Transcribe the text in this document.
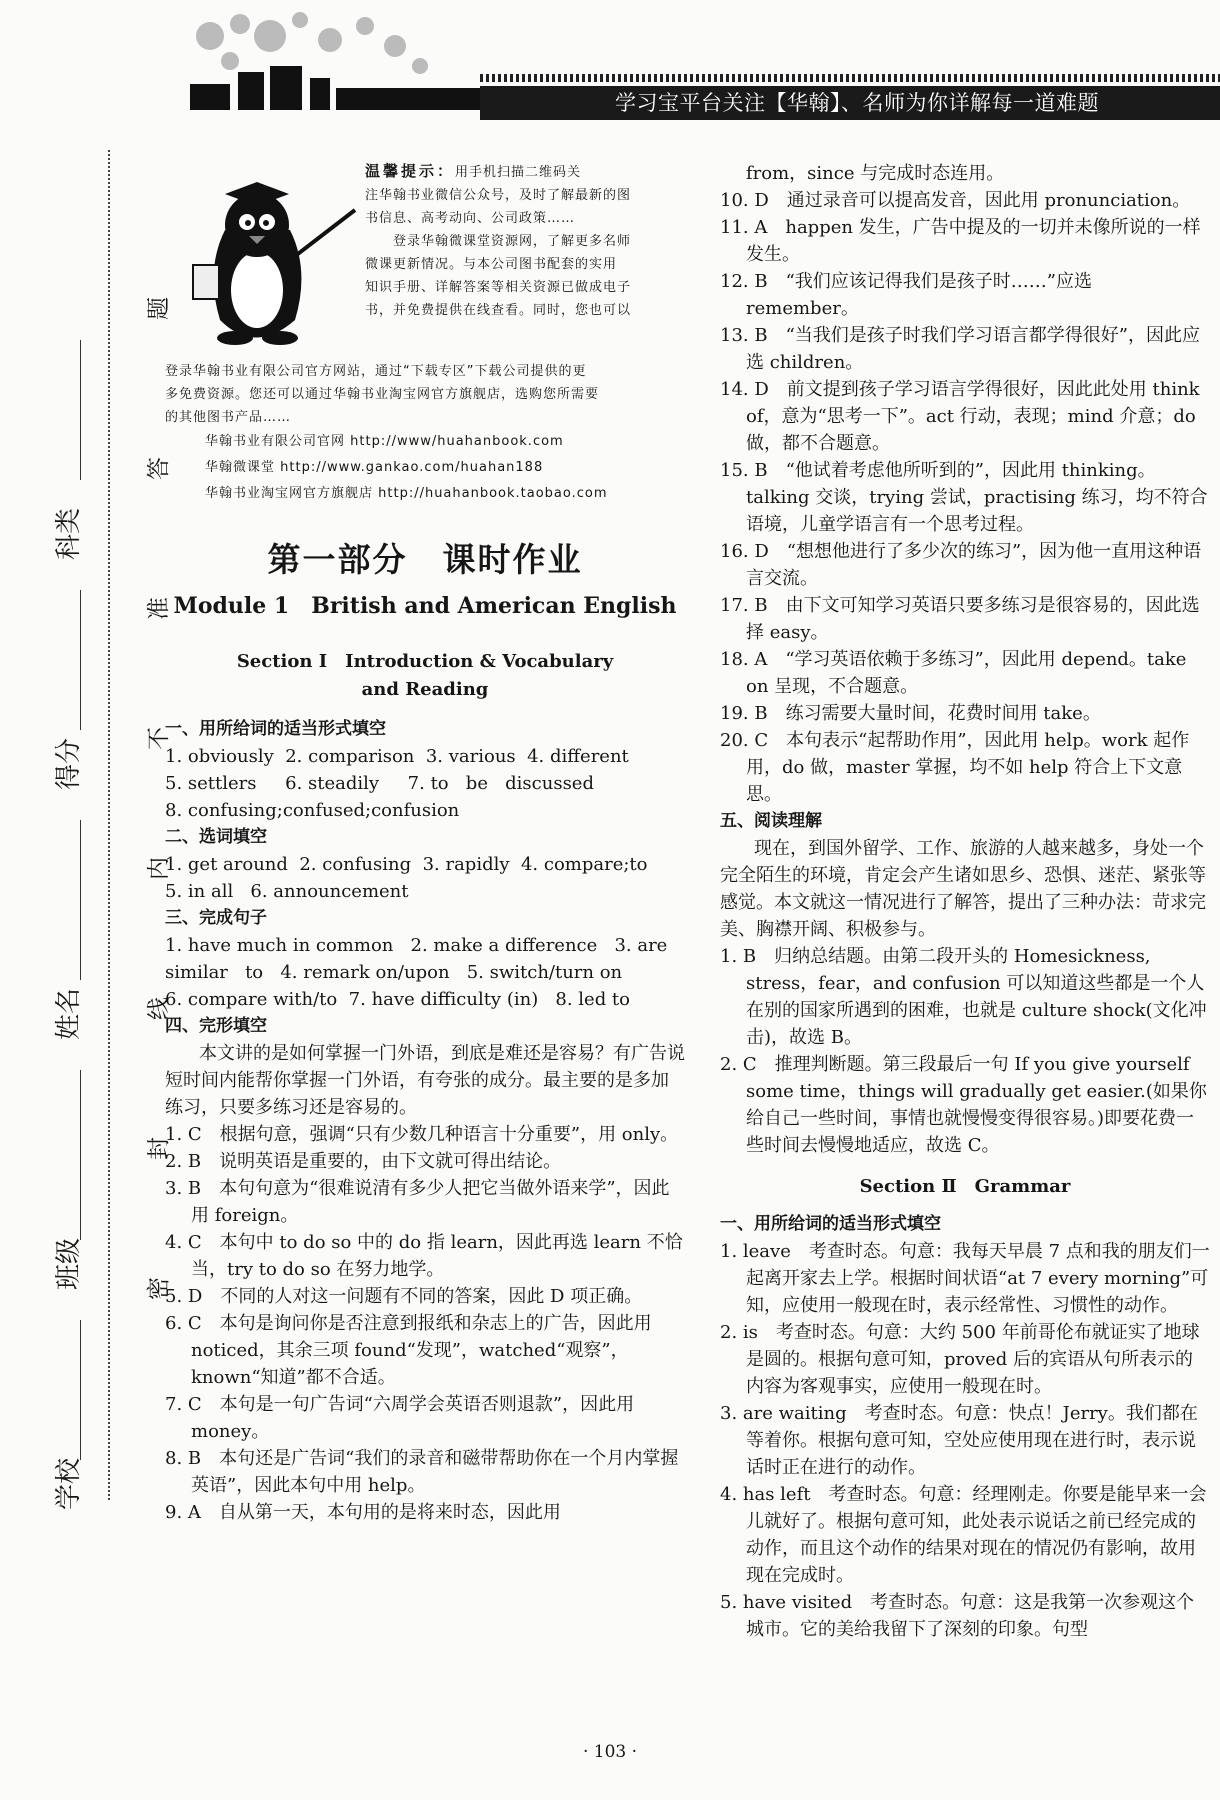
学习宝平台关注【华翰】、名师为你详解每一道难题
科类
得分
姓名
班级
学校
题
答
准
不
内
线
封
密

温馨提示：用手机扫描二维码关

注华翰书业微信公众号，及时了解最新的图

书信息、高考动向、公司政策……

登录华翰微课堂资源网，了解更多名师

微课更新情况。与本公司图书配套的实用

知识手册、详解答案等相关资源已做成电子

书，并免费提供在线查看。同时，您也可以

登录华翰书业有限公司官方网站，通过“下载专区”下载公司提供的更

多免费资源。您还可以通过华翰书业淘宝网官方旗舰店，选购您所需要

的其他图书产品……

华翰书业有限公司官网 http://www/huahanbook.com

华翰微课堂 http://www.gankao.com/huahan188

华翰书业淘宝网官方旗舰店 http://huahanbook.taobao.com

第一部分　课时作业
Module 1　British and American English
Section Ⅰ　Introduction & Vocabulary
and Reading

一、用所给词的适当形式填空

1. obviously  2. comparison  3. various  4. different

5. settlers     6. steadily     7. to   be   discussed

8. confusing;confused;confusion

二、选词填空

1. get around  2. confusing  3. rapidly  4. compare;to

5. in all   6. announcement

三、完成句子

1. have much in common   2. make a difference   3. are

similar   to   4. remark on/upon   5. switch/turn on

6. compare with/to  7. have difficulty (in)   8. led to

四、完形填空

本文讲的是如何掌握一门外语，到底是难还是容易？有广告说短时间内能帮你掌握一门外语，有夸张的成分。最主要的是多加练习，只要多练习还是容易的。

1. C　根据句意，强调“只有少数几种语言十分重要”，用 only。

2. B　说明英语是重要的，由下文就可得出结论。

3. B　本句句意为“很难说清有多少人把它当做外语来学”，因此用 foreign。

4. C　本句中 to do so 中的 do 指 learn，因此再选 learn 不恰当，try to do so 在努力地学。

5. D　不同的人对这一问题有不同的答案，因此 D 项正确。

6. C　本句是询问你是否注意到报纸和杂志上的广告，因此用 noticed，其余三项 found“发现”，watched“观察”，known“知道”都不合适。

7. C　本句是一句广告词“六周学会英语否则退款”，因此用 money。

8. B　本句还是广告词“我们的录音和磁带帮助你在一个月内掌握英语”，因此本句中用 help。

9. A　自从第一天，本句用的是将来时态，因此用

from，since 与完成时态连用。

10. D　通过录音可以提高发音，因此用 pronunciation。

11. A　happen 发生，广告中提及的一切并未像所说的一样发生。

12. B　“我们应该记得我们是孩子时……”应选 remember。

13. B　“当我们是孩子时我们学习语言都学得很好”，因此应选 children。

14. D　前文提到孩子学习语言学得很好，因此此处用 think of，意为“思考一下”。act 行动，表现；mind 介意；do 做，都不合题意。

15. B　“他试着考虑他所听到的”，因此用 thinking。talking 交谈，trying 尝试，practising 练习，均不符合语境，儿童学语言有一个思考过程。

16. D　“想想他进行了多少次的练习”，因为他一直用这种语言交流。

17. B　由下文可知学习英语只要多练习是很容易的，因此选择 easy。

18. A　“学习英语依赖于多练习”，因此用 depend。take on 呈现，不合题意。

19. B　练习需要大量时间，花费时间用 take。

20. C　本句表示“起帮助作用”，因此用 help。work 起作用，do 做，master 掌握，均不如 help 符合上下文意思。

五、阅读理解

现在，到国外留学、工作、旅游的人越来越多，身处一个完全陌生的环境，肯定会产生诸如思乡、恐惧、迷茫、紧张等感觉。本文就这一情况进行了解答，提出了三种办法：苛求完美、胸襟开阔、积极参与。

1. B　归纳总结题。由第二段开头的 Homesickness, stress，fear，and confusion 可以知道这些都是一个人在别的国家所遇到的困难，也就是 culture shock(文化冲击)，故选 B。

2. C　推理判断题。第三段最后一句 If you give yourself some time，things will gradually get easier.(如果你给自己一些时间，事情也就慢慢变得很容易。)即要花费一些时间去慢慢地适应，故选 C。

Section Ⅱ　Grammar

一、用所给词的适当形式填空

1. leave　考查时态。句意：我每天早晨 7 点和我的朋友们一起离开家去上学。根据时间状语“at 7 every morning”可知，应使用一般现在时，表示经常性、习惯性的动作。

2. is　考查时态。句意：大约 500 年前哥伦布就证实了地球是圆的。根据句意可知，proved 后的宾语从句所表示的内容为客观事实，应使用一般现在时。

3. are waiting　考查时态。句意：快点！Jerry。我们都在等着你。根据句意可知，空处应使用现在进行时，表示说话时正在进行的动作。

4. has left　考查时态。句意：经理刚走。你要是能早来一会儿就好了。根据句意可知，此处表示说话之前已经完成的动作，而且这个动作的结果对现在的情况仍有影响，故用现在完成时。

5. have visited　考查时态。句意：这是我第一次参观这个城市。它的美给我留下了深刻的印象。句型

· 103 ·
